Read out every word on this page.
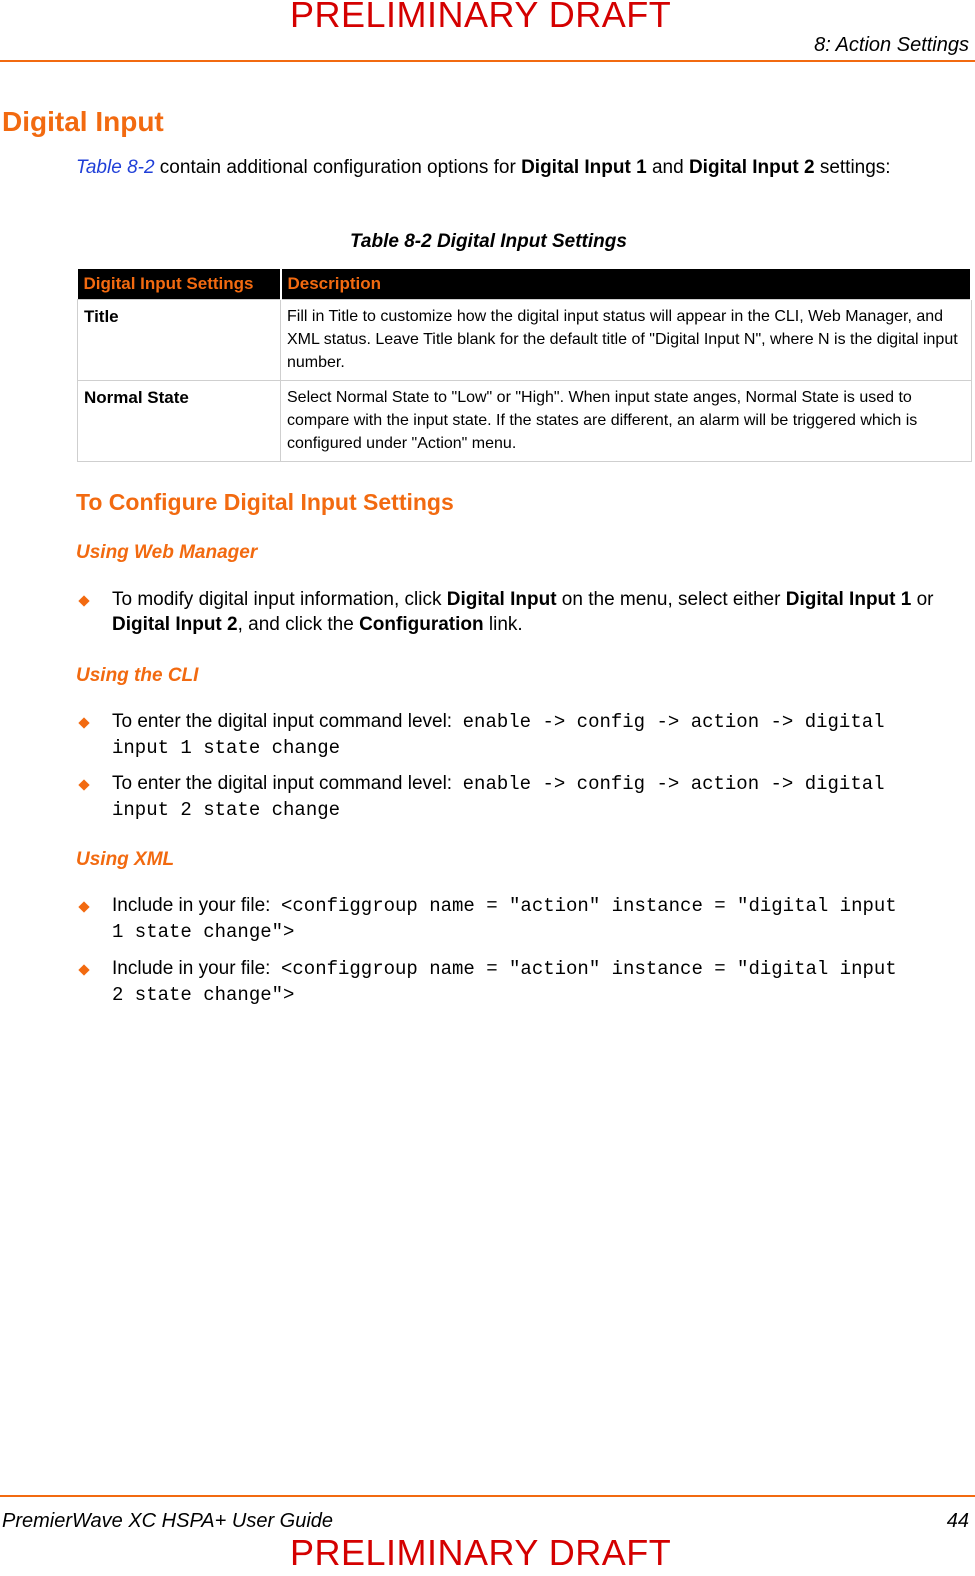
PRELIMINARY DRAFT
8: Action Settings
Digital Input
Table 8-2 contain additional configuration options for Digital Input 1 and Digital Input 2 settings:
Table 8-2 Digital Input Settings
Digital Input Settings	Description
Title	Fill in Title to customize how the digital input status will appear in the CLI, Web Manager, and XML status. Leave Title blank for the default title of "Digital Input N", where N is the digital input number.
Normal State	Select Normal State to "Low" or "High". When input state anges, Normal State is used to compare with the input state. If the states are different, an alarm will be triggered which is configured under "Action" menu.
To Configure Digital Input Settings
Using Web Manager
To modify digital input information, click Digital Input on the menu, select either Digital Input 1 or Digital Input 2, and click the Configuration link.
Using the CLI
To enter the digital input command level: enable -> config -> action -> digital
input 1 state change
To enter the digital input command level: enable -> config -> action -> digital
input 2 state change
Using XML
Include in your file: <configgroup name = "action" instance = "digital input
1 state change">
Include in your file: <configgroup name = "action" instance = "digital input
2 state change">
PremierWave XC HSPA+ User Guide	44
PRELIMINARY DRAFT
